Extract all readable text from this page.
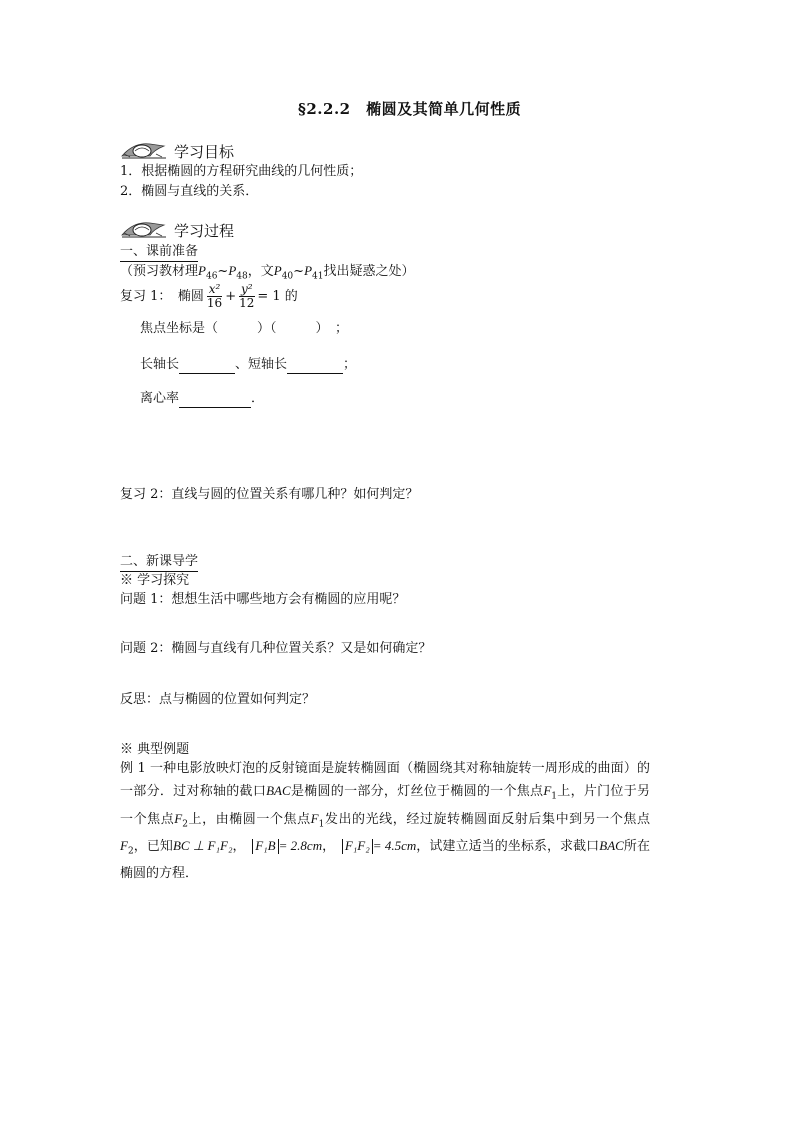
§2.2.2　椭圆及其简单几何性质
学习目标
1．根据椭圆的方程研究曲线的几何性质；
2．椭圆与直线的关系．
学习过程
一、课前准备
（预习教材理$P_{46}\sim P_{48}$，文$P_{40}\sim P_{41}$找出疑惑之处）
复习 1：　椭圆 $\frac{\text{x²}}{16} + \frac{\text{y²}}{12} = 1$ 的
焦点坐标是（　　　）（　　　）　；
长轴长	、短轴长	；
离心率	．
复习 2：直线与圆的位置关系有哪几种？如何判定？
二、新课导学
※ 学习探究
问题 1：想想生活中哪些地方会有椭圆的应用呢？
问题 2：椭圆与直线有几种位置关系？又是如何确定？
反思：点与椭圆的位置如何判定？
※ 典型例题
例 1 一种电影放映灯泡的反射镜面是旋转椭圆面（椭圆绕其对称轴旋转一周形成的曲面）的一部分．过对称轴的截口BAC是椭圆的一部分，灯丝位于椭圆的一个焦点$F_1$上，片门位于另一个焦点$F_2$上，由椭圆一个焦点$F_1$发出的光线，经过旋转椭圆面反射后集中到另一个焦点$F_2$，已知BC ⊥ F₁F₂，　 F₁B = 2.8cm，　 F₁F₂ = 4.5cm，试建立适当的坐标系，求截口BAC所在椭圆的方程．
